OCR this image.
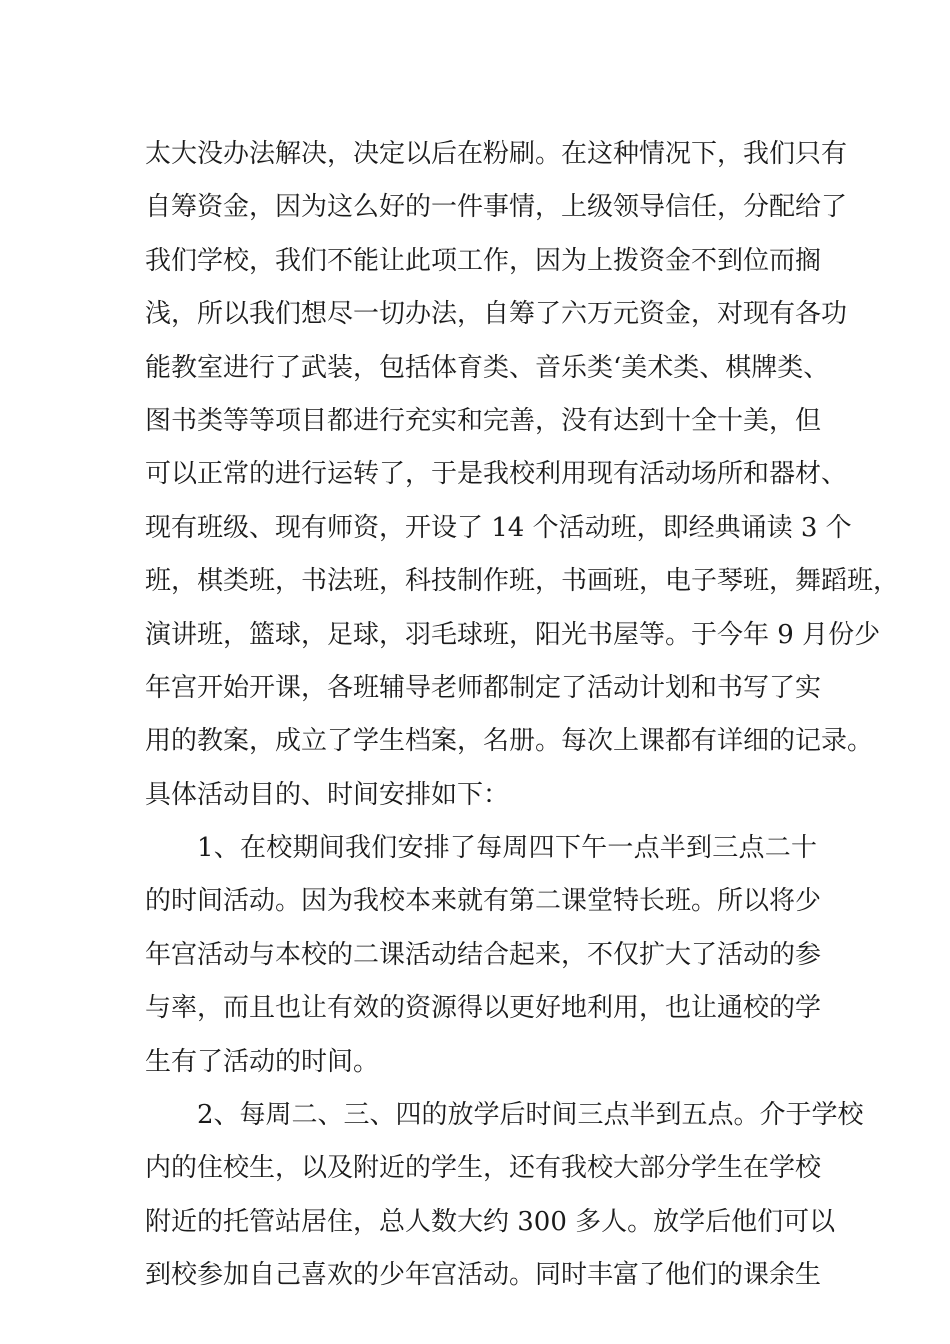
太大没办法解决，决定以后在粉刷。在这种情况下，我们只有
自筹资金，因为这么好的一件事情，上级领导信任，分配给了
我们学校，我们不能让此项工作，因为上拨资金不到位而搁
浅，所以我们想尽一切办法，自筹了六万元资金，对现有各功
能教室进行了武装，包括体育类、音乐类‘美术类、棋牌类、
图书类等等项目都进行充实和完善，没有达到十全十美，但
可以正常的进行运转了，于是我校利用现有活动场所和器材、
现有班级、现有师资，开设了 14 个活动班，即经典诵读 3 个
班，棋类班，书法班，科技制作班，书画班，电子琴班，舞蹈班，
演讲班，篮球，足球，羽毛球班，阳光书屋等。于今年 9 月份少
年宫开始开课，各班辅导老师都制定了活动计划和书写了实
用的教案，成立了学生档案，名册。每次上课都有详细的记录。
具体活动目的、时间安排如下：
1、在校期间我们安排了每周四下午一点半到三点二十
的时间活动。因为我校本来就有第二课堂特长班。所以将少
年宫活动与本校的二课活动结合起来，不仅扩大了活动的参
与率，而且也让有效的资源得以更好地利用，也让通校的学
生有了活动的时间。
2、每周二、三、四的放学后时间三点半到五点。介于学校
内的住校生，以及附近的学生，还有我校大部分学生在学校
附近的托管站居住，总人数大约 300 多人。放学后他们可以
到校参加自己喜欢的少年宫活动。同时丰富了他们的课余生
